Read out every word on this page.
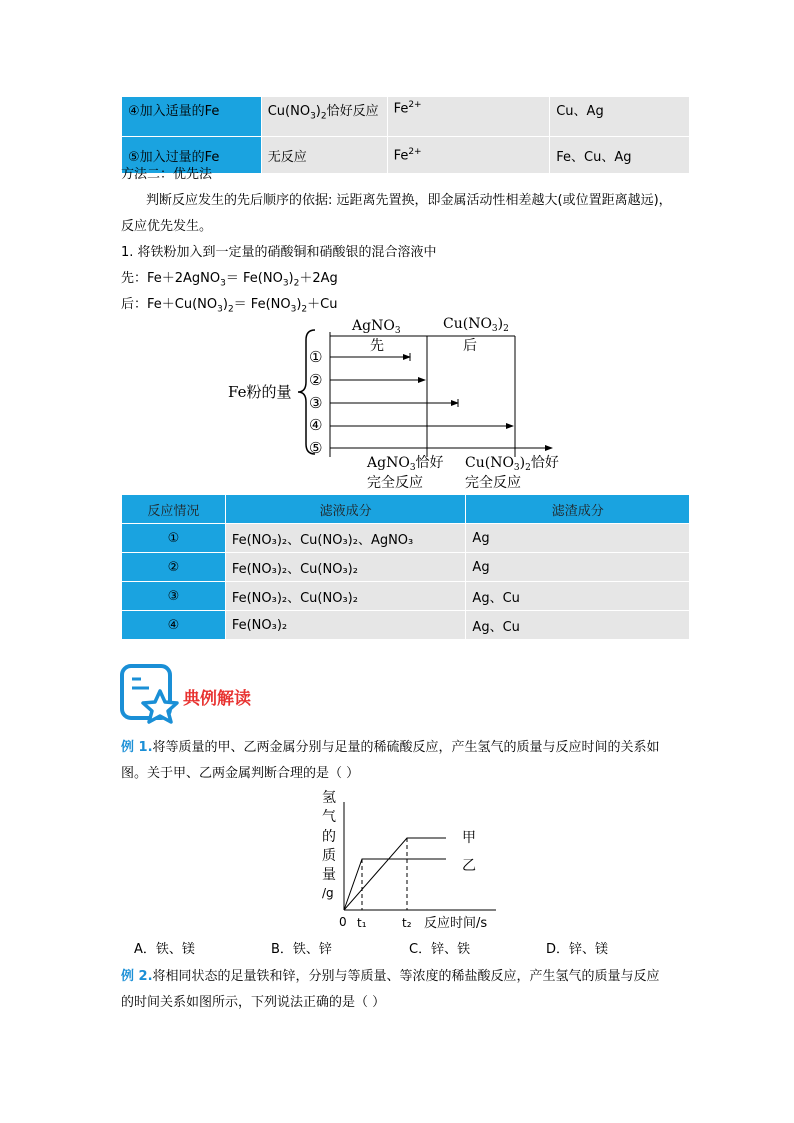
④加入适量的Fe	$Cu(NO_3)_2$恰好反应	$Fe^{2+}$	Cu、Ag
⑤加入过量的Fe	无反应	$Fe^{2+}$	Fe、Cu、Ag
方法二：优先法
判断反应发生的先后顺序的依据: 远距离先置换，即金属活动性相差越大(或位置距离越远)，
反应优先发生。
1. 将铁粉加入到一定量的硝酸铜和硝酸银的混合溶液中
先：Fe＋2AgNO$_3$＝ $Fe(NO_3)_2+2Ag$
后：$Fe+Cu(NO_3)_2= Fe(NO_3)_2+Cu$
Fe粉的量
AgNO$_3$	$Cu(NO_3)_2$
先	后
①
②
③
④
⑤
AgNO$_3$恰好
完全反应
$Cu(NO_3)_2$恰好
完全反应
反应情况	滤液成分	滤渣成分
①	Fe(NO₃)₂、Cu(NO₃)₂、AgNO₃	Ag
②	Fe(NO₃)₂、Cu(NO₃)₂	Ag
③	Fe(NO₃)₂、Cu(NO₃)₂	Ag、Cu
④	Fe(NO₃)₂	Ag、Cu
典例解读
例 1.将等质量的甲、乙两金属分别与足量的稀硫酸反应，产生氢气的质量与反应时间的关系如
图。关于甲、乙两金属判断合理的是（ ）
氢
气
的
质
量
/g
0 t₁	t₂ 反应时间/s
甲
乙
A．铁、镁	B．铁、锌	C．锌、铁	D．锌、镁
例 2.将相同状态的足量铁和锌，分别与等质量、等浓度的稀盐酸反应，产生氢气的质量与反应
的时间关系如图所示，下列说法正确的是（ ）
